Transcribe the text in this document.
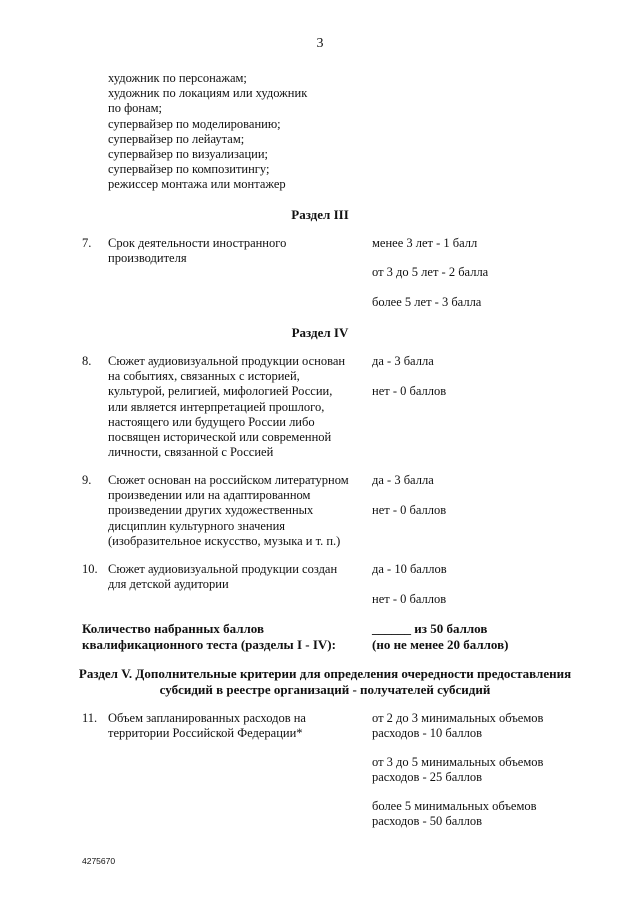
3
художник по персонажам;
художник по локациям или художник
по фонам;
супервайзер по моделированию;
супервайзер по лейаутам;
супервайзер по визуализации;
супервайзер по композитингу;
режиссер монтажа или монтажер
Раздел III
7. Срок деятельности иностранного
производителя
менее 3 лет - 1 балл
от 3 до 5 лет - 2 балла
более 5 лет - 3 балла
Раздел IV
8. Сюжет аудиовизуальной продукции основан
на событиях, связанных с историей,
культурой, религией, мифологией России,
или является интерпретацией прошлого,
настоящего или будущего России либо
посвящен исторической или современной
личности, связанной с Россией
да - 3 балла
нет - 0 баллов
9. Сюжет основан на российском литературном
произведении или на адаптированном
произведении других художественных
дисциплин культурного значения
(изобразительное искусство, музыка и т. п.)
да - 3 балла
нет - 0 баллов
10. Сюжет аудиовизуальной продукции создан
для детской аудитории
да - 10 баллов
нет - 0 баллов
Количество набранных баллов
квалификационного теста (разделы I - IV):
______ из 50 баллов
(но не менее 20 баллов)
Раздел V. Дополнительные критерии для определения очередности предоставления
субсидий в реестре организаций - получателей субсидий
11. Объем запланированных расходов на
территории Российской Федерации*
от 2 до 3 минимальных объемов
расходов - 10 баллов
от 3 до 5 минимальных объемов
расходов - 25 баллов
более 5 минимальных объемов
расходов - 50 баллов
4275670
